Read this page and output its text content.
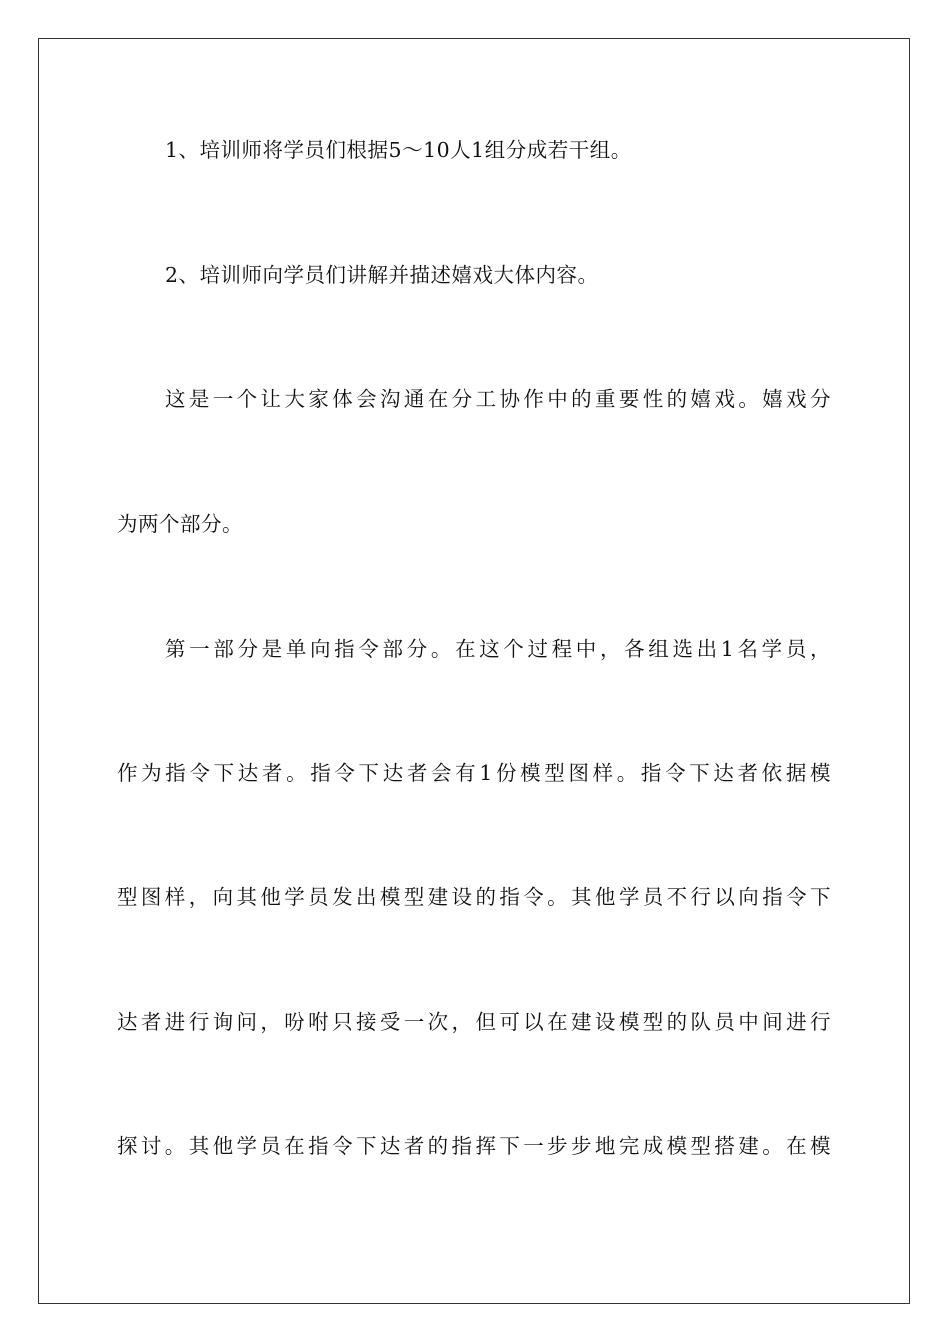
1、培训师将学员们根据5～10人1组分成若干组。
2、培训师向学员们讲解并描述嬉戏大体内容。
这是一个让大家体会沟通在分工协作中的重要性的嬉戏。嬉戏分
为两个部分。
第一部分是单向指令部分。在这个过程中，各组选出1名学员，
作为指令下达者。指令下达者会有1份模型图样。指令下达者依据模
型图样，向其他学员发出模型建设的指令。其他学员不行以向指令下
达者进行询问，吩咐只接受一次，但可以在建设模型的队员中间进行
探讨。其他学员在指令下达者的指挥下一步步地完成模型搭建。在模
